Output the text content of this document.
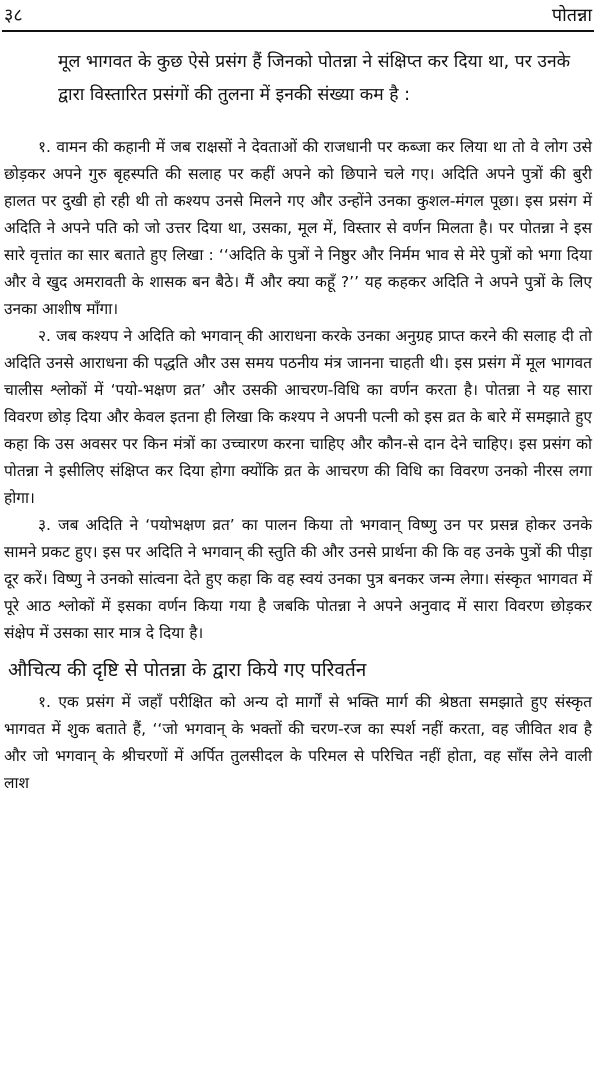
३८	पोतन्ना

मूल भागवत के कुछ ऐसे प्रसंग हैं जिनको पोतन्ना ने संक्षिप्त कर दिया था, पर उनके द्वारा विस्तारित प्रसंगों की तुलना में इनकी संख्या कम है :

१. वामन की कहानी में जब राक्षसों ने देवताओं की राजधानी पर कब्जा कर लिया था तो वे लोग उसे छोड़कर अपने गुरु बृहस्पति की सलाह पर कहीं अपने को छिपाने चले गए। अदिति अपने पुत्रों की बुरी हालत पर दुखी हो रही थी तो कश्यप उनसे मिलने गए और उन्होंने उनका कुशल-मंगल पूछा। इस प्रसंग में अदिति ने अपने पति को जो उत्तर दिया था, उसका, मूल में, विस्तार से वर्णन मिलता है। पर पोतन्ना ने इस सारे वृत्तांत का सार बताते हुए लिखा : ‘‘अदिति के पुत्रों ने निष्ठुर और निर्मम भाव से मेरे पुत्रों को भगा दिया और वे खुद अमरावती के शासक बन बैठे। मैं और क्या कहूँ ?’’ यह कहकर अदिति ने अपने पुत्रों के लिए उनका आशीष माँगा।

२. जब कश्यप ने अदिति को भगवान् की आराधना करके उनका अनुग्रह प्राप्त करने की सलाह दी तो अदिति उनसे आराधना की पद्धति और उस समय पठनीय मंत्र जानना चाहती थी। इस प्रसंग में मूल भागवत चालीस श्लोकों में ‘पयो-भक्षण व्रत’ और उसकी आचरण-विधि का वर्णन करता है। पोतन्ना ने यह सारा विवरण छोड़ दिया और केवल इतना ही लिखा कि कश्यप ने अपनी पत्नी को इस व्रत के बारे में समझाते हुए कहा कि उस अवसर पर किन मंत्रों का उच्चारण करना चाहिए और कौन-से दान देने चाहिए। इस प्रसंग को पोतन्ना ने इसीलिए संक्षिप्त कर दिया होगा क्योंकि व्रत के आचरण की विधि का विवरण उनको नीरस लगा होगा।

३. जब अदिति ने ‘पयोभक्षण व्रत’ का पालन किया तो भगवान् विष्णु उन पर प्रसन्न होकर उनके सामने प्रकट हुए। इस पर अदिति ने भगवान् की स्तुति की और उनसे प्रार्थना की कि वह उनके पुत्रों की पीड़ा दूर करें। विष्णु ने उनको सांत्वना देते हुए कहा कि वह स्वयं उनका पुत्र बनकर जन्म लेगा। संस्कृत भागवत में पूरे आठ श्लोकों में इसका वर्णन किया गया है जबकि पोतन्ना ने अपने अनुवाद में सारा विवरण छोड़कर संक्षेप में उसका सार मात्र दे दिया है।

औचित्य की दृष्टि से पोतन्ना के द्वारा किये गए परिवर्तन

१. एक प्रसंग में जहाँ परीक्षित को अन्य दो मार्गों से भक्ति मार्ग की श्रेष्ठता समझाते हुए संस्कृत भागवत में शुक बताते हैं, ‘‘जो भगवान् के भक्तों की चरण-रज का स्पर्श नहीं करता, वह जीवित शव है और जो भगवान् के श्रीचरणों में अर्पित तुलसीदल के परिमल से परिचित नहीं होता, वह साँस लेने वाली लाश
